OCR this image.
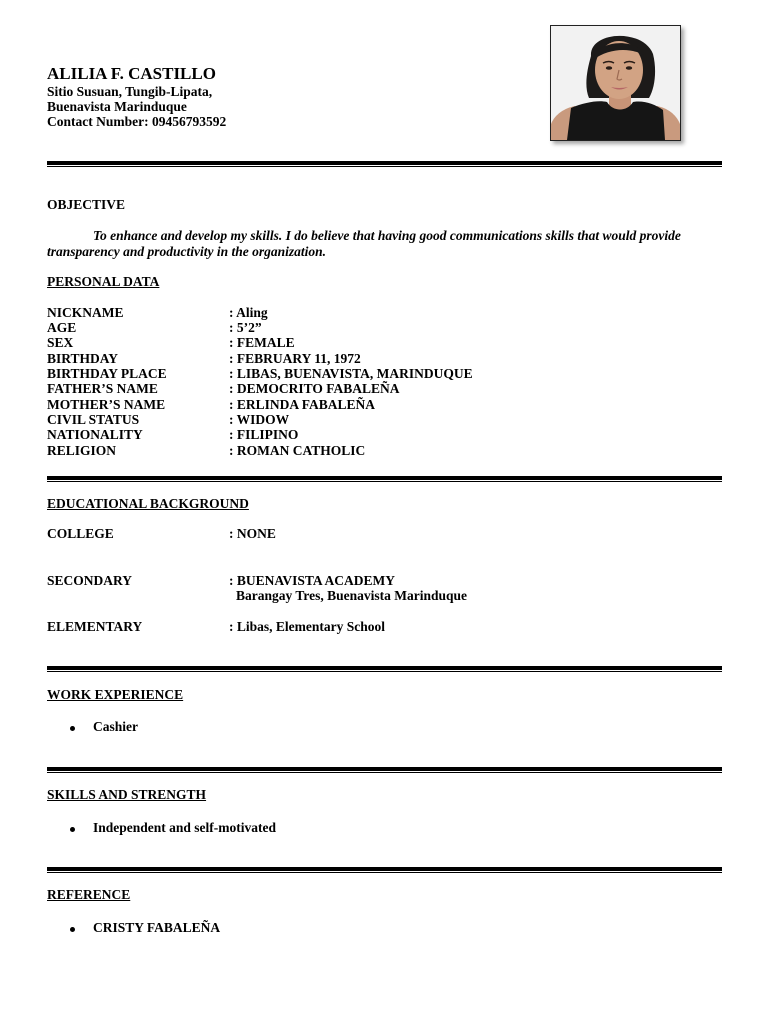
ALILIA F. CASTILLO
Sitio Susuan, Tungib-Lipata,
Buenavista Marinduque
Contact Number: 09456793592
OBJECTIVE
To enhance and develop my skills. I do believe that having good communications skills that would provide transparency and productivity in the organization.
PERSONAL DATA
NICKNAME	: Aling
AGE	: 5’2”
SEX	: FEMALE
BIRTHDAY	: FEBRUARY 11, 1972
BIRTHDAY PLACE	: LIBAS, BUENAVISTA, MARINDUQUE
FATHER’S NAME	: DEMOCRITO FABALEÑA
MOTHER’S NAME	: ERLINDA FABALEÑA
CIVIL STATUS	: WIDOW
NATIONALITY	: FILIPINO
RELIGION	: ROMAN CATHOLIC
EDUCATIONAL BACKGROUND
COLLEGE	: NONE
SECONDARY	: BUENAVISTA ACADEMY
Barangay Tres, Buenavista Marinduque
ELEMENTARY	: Libas, Elementary School
WORK EXPERIENCE
Cashier
SKILLS AND STRENGTH
Independent and self-motivated
REFERENCE
CRISTY FABALEÑA
